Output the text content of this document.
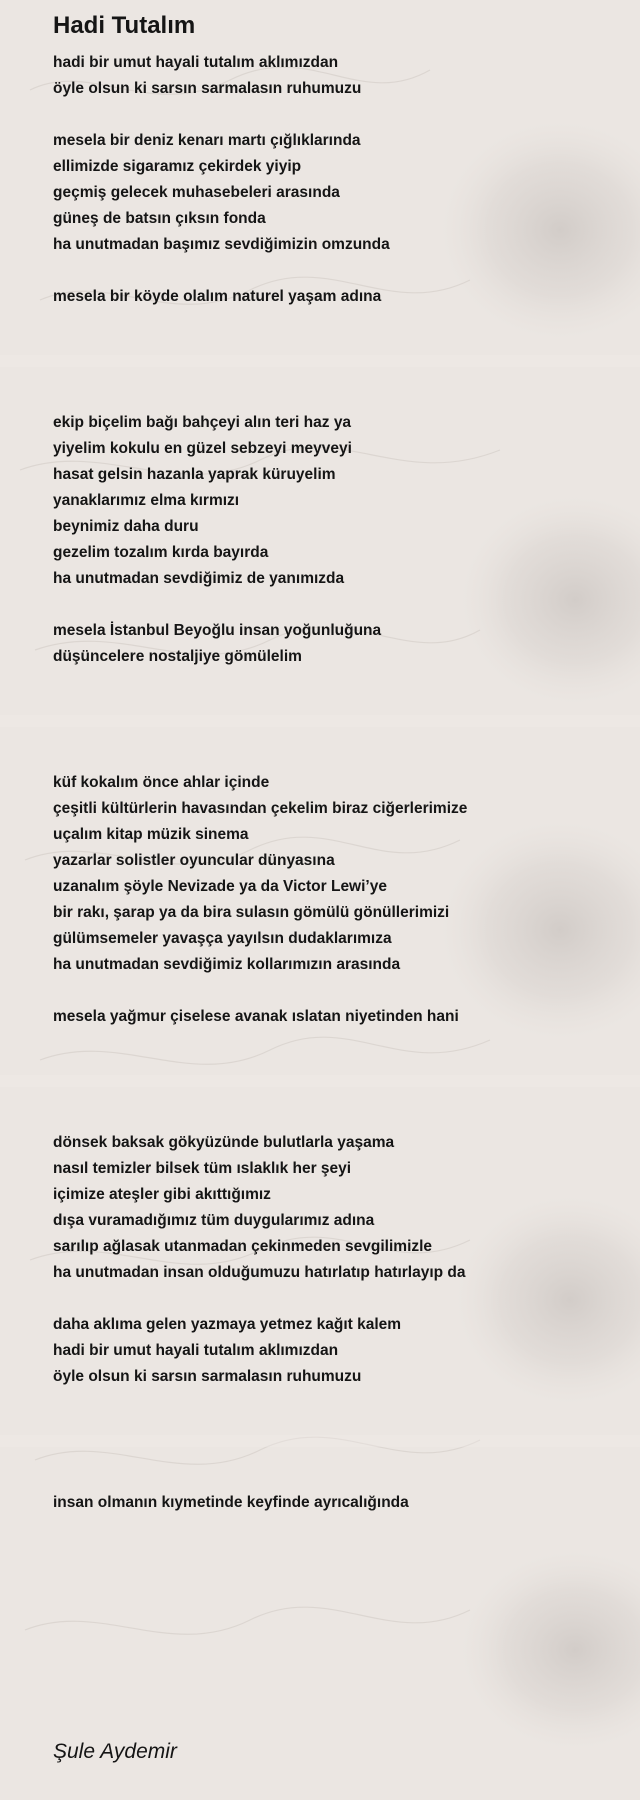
Hadi Tutalım

hadi bir umut hayali tutalım aklımızdan

öyle olsun ki sarsın sarmalasın ruhumuzu

mesela bir deniz kenarı martı çığlıklarında

ellimizde sigaramız çekirdek yiyip

geçmiş gelecek muhasebeleri arasında

güneş de batsın çıksın fonda

ha unutmadan başımız sevdiğimizin omzunda

mesela bir köyde olalım naturel yaşam adına

ekip biçelim bağı bahçeyi alın teri haz ya

yiyelim kokulu en güzel sebzeyi meyveyi

hasat gelsin hazanla yaprak küruyelim

yanaklarımız elma kırmızı

beynimiz daha duru

gezelim tozalım kırda bayırda

ha unutmadan sevdiğimiz de yanımızda

mesela İstanbul Beyoğlu insan yoğunluğuna

düşüncelere nostaljiye gömülelim

küf kokalım önce ahlar içinde

çeşitli kültürlerin havasından çekelim biraz ciğerlerimize

uçalım kitap müzik sinema

yazarlar solistler oyuncular dünyasına

uzanalım şöyle Nevizade ya da Victor Lewi’ye

bir rakı, şarap ya da bira sulasın gömülü gönüllerimizi

gülümsemeler yavaşça yayılsın dudaklarımıza

ha unutmadan sevdiğimiz kollarımızın arasında

mesela yağmur çiselese avanak ıslatan niyetinden hani

dönsek baksak gökyüzünde bulutlarla yaşama

nasıl temizler bilsek tüm ıslaklık her şeyi

içimize ateşler gibi akıttığımız

dışa vuramadığımız tüm duygularımız adına

sarılıp ağlasak utanmadan çekinmeden sevgilimizle

ha unutmadan insan olduğumuzu hatırlatıp hatırlayıp da

daha aklıma gelen yazmaya yetmez kağıt kalem

hadi bir umut hayali tutalım aklımızdan

öyle olsun ki sarsın sarmalasın ruhumuzu

insan olmanın kıymetinde keyfinde ayrıcalığında

Şule Aydemir
